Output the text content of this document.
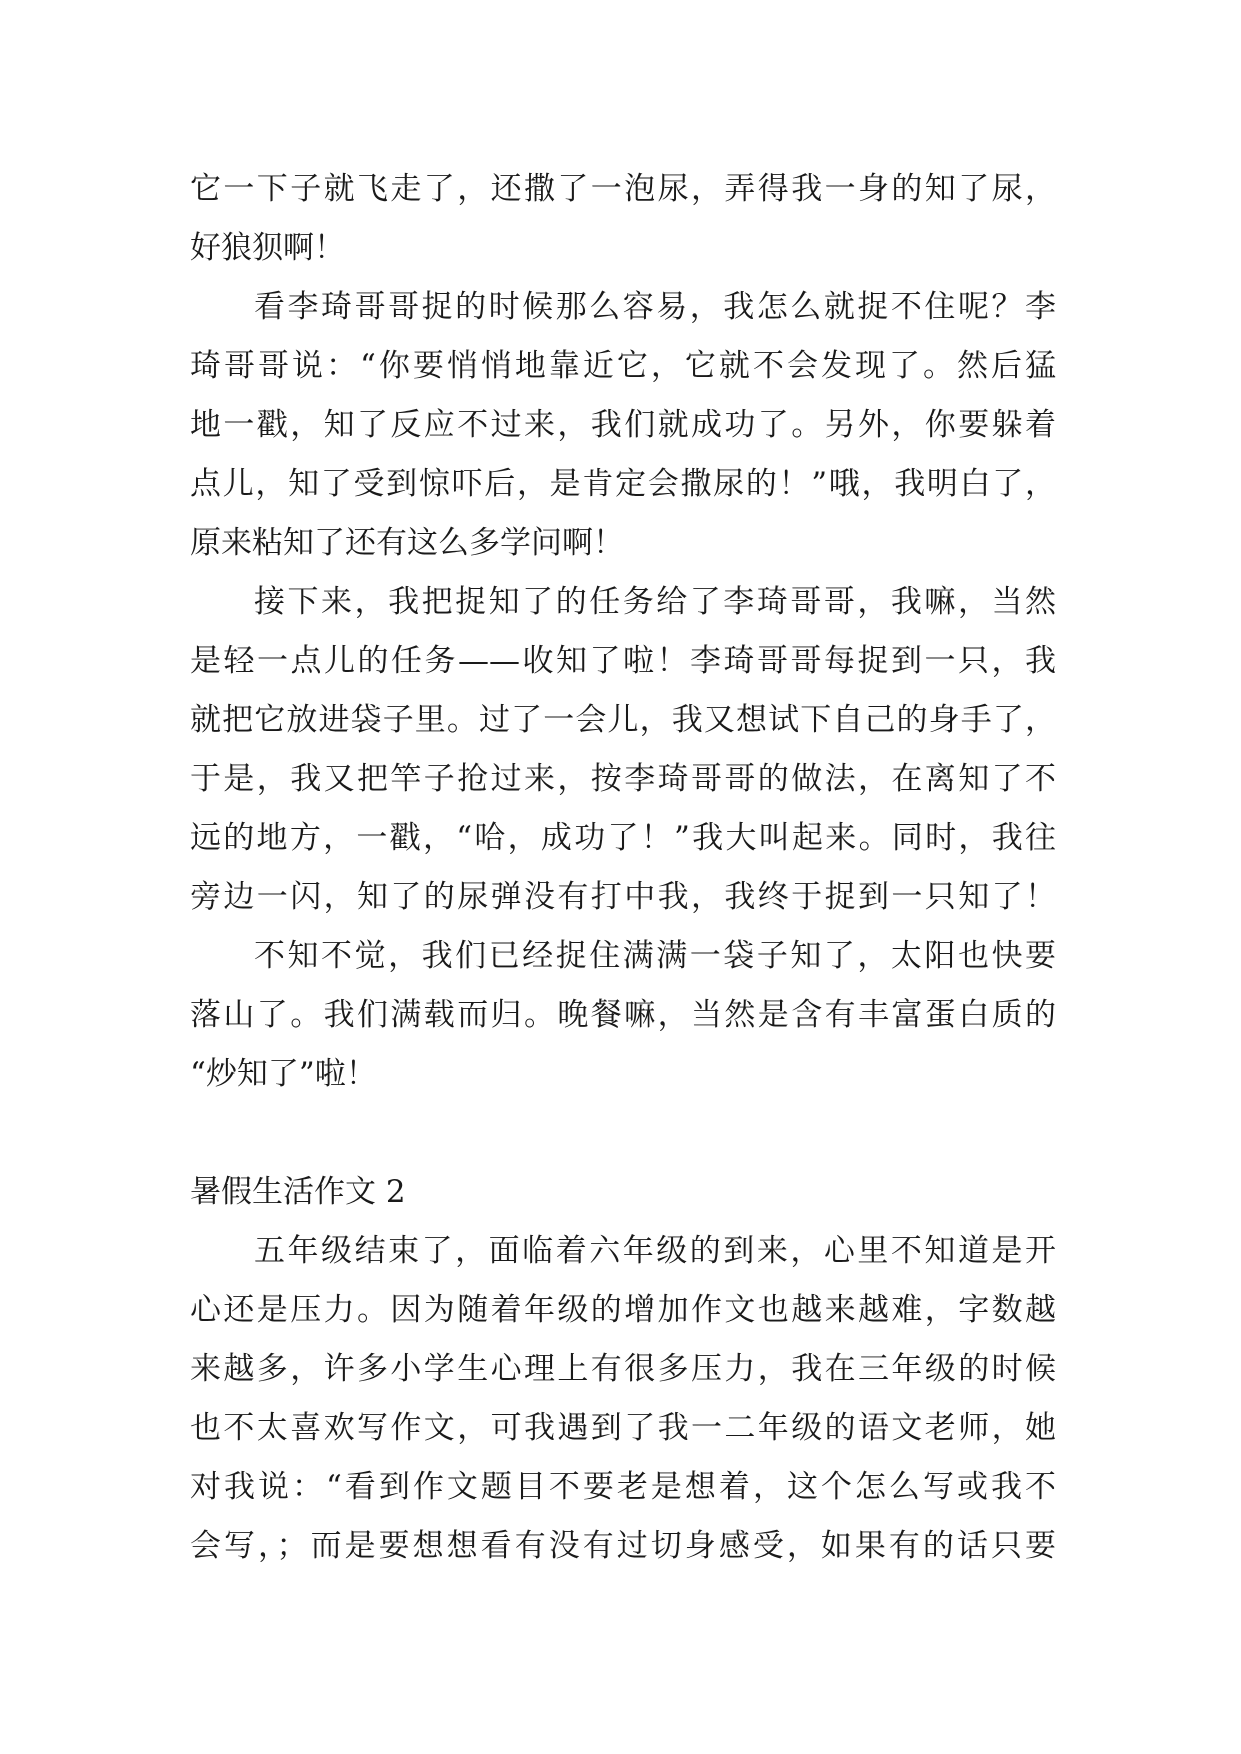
它一下子就飞走了，还撒了一泡尿，弄得我一身的知了尿，
好狼狈啊！
看李琦哥哥捉的时候那么容易，我怎么就捉不住呢？李
琦哥哥说：“你要悄悄地靠近它，它就不会发现了。然后猛
地一戳，知了反应不过来，我们就成功了。另外，你要躲着
点儿，知了受到惊吓后，是肯定会撒尿的！”哦，我明白了，
原来粘知了还有这么多学问啊！
接下来，我把捉知了的任务给了李琦哥哥，我嘛，当然
是轻一点儿的任务——收知了啦！李琦哥哥每捉到一只，我
就把它放进袋子里。过了一会儿，我又想试下自己的身手了，
于是，我又把竿子抢过来，按李琦哥哥的做法，在离知了不
远的地方，一戳，“哈，成功了！”我大叫起来。同时，我往
旁边一闪，知了的尿弹没有打中我，我终于捉到一只知了！
不知不觉，我们已经捉住满满一袋子知了，太阳也快要
落山了。我们满载而归。晚餐嘛，当然是含有丰富蛋白质的
“炒知了”啦！
暑假生活作文 2
五年级结束了，面临着六年级的到来，心里不知道是开
心还是压力。因为随着年级的增加作文也越来越难，字数越
来越多，许多小学生心理上有很多压力，我在三年级的时候
也不太喜欢写作文，可我遇到了我一二年级的语文老师，她
对我说：“看到作文题目不要老是想着，这个怎么写或我不
会写，；而是要想想看有没有过切身感受，如果有的话只要
